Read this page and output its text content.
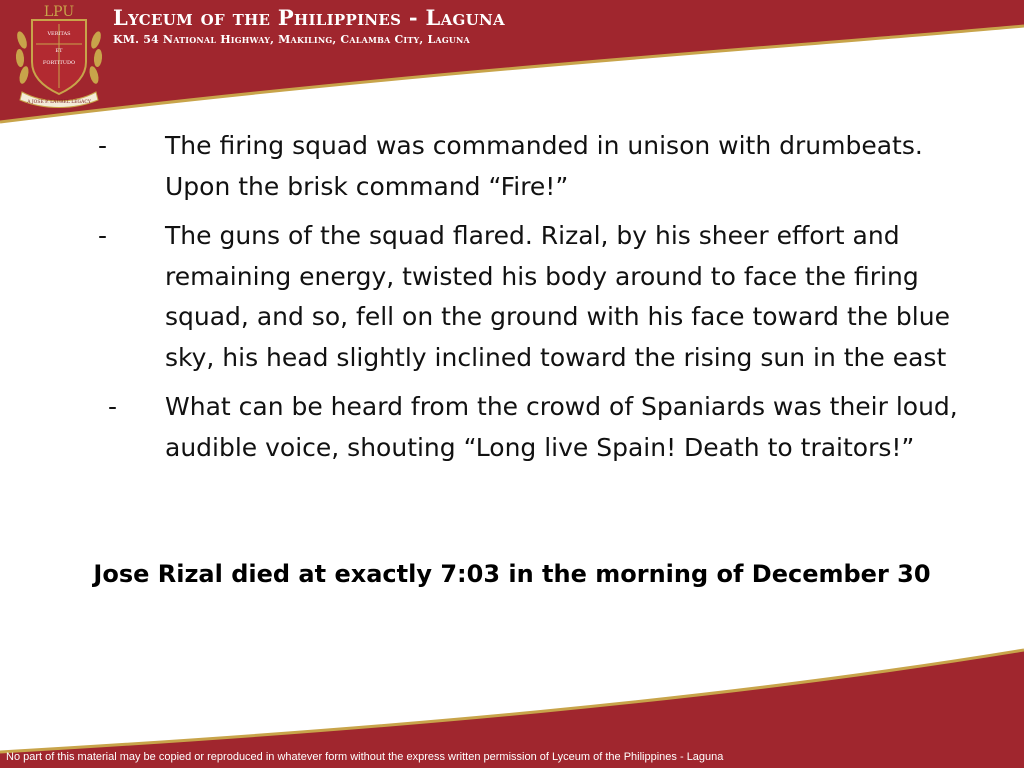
LPU
VERITAS
ET
FORTITUDO
A JOSE P. LAUREL LEGACY
Lyceum of the Philippines - Laguna
KM. 54 National Highway, Makiling, Calamba City, Laguna
- The firing squad was commanded in unison with drumbeats. Upon the brisk command “Fire!”
- The guns of the squad flared. Rizal, by his sheer effort and remaining energy, twisted his body around to face the firing squad, and so, fell on the ground with his face toward the blue sky, his head slightly inclined toward the rising sun in the east
- What can be heard from the crowd of Spaniards was their loud, audible voice, shouting “Long live Spain! Death to traitors!”
Jose Rizal died at exactly 7:03 in the morning of December 30
No part of this material may be copied or reproduced in whatever form without the express written permission of Lyceum of the Philippines - Laguna
